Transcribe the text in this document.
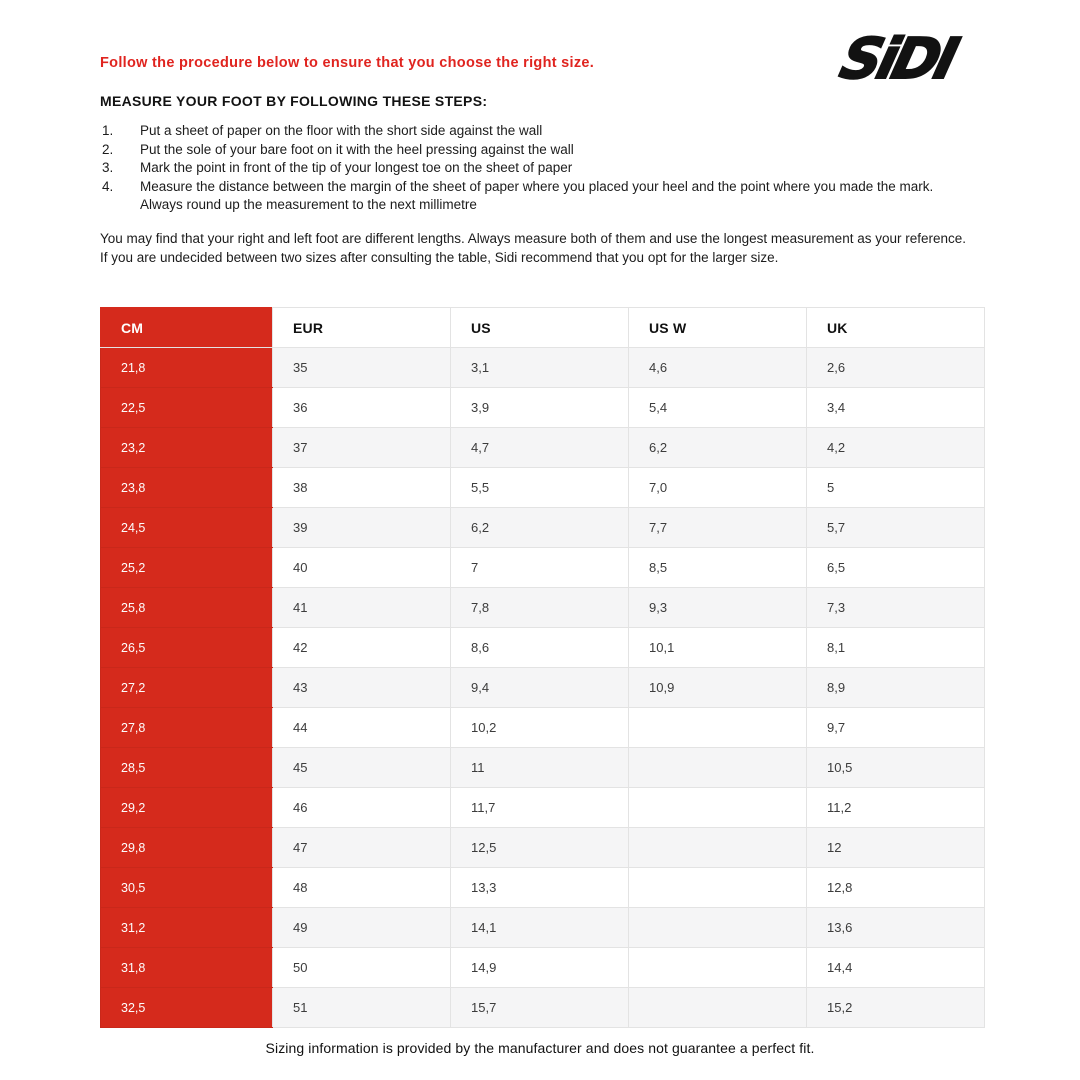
Follow the procedure below to ensure that you choose the right size.	SiDI
MEASURE YOUR FOOT BY FOLLOWING THESE STEPS:
Put a sheet of paper on the floor with the short side against the wall
Put the sole of your bare foot on it with the heel pressing against the wall
Mark the point in front of the tip of your longest toe on the sheet of paper
Measure the distance between the margin of the sheet of paper where you placed your heel and the point where you made the mark. Always round up the measurement to the next millimetre

You may find that your right and left foot are different lengths. Always measure both of them and use the longest measurement as your reference.

If you are undecided between two sizes after consulting the table, Sidi recommend that you opt for the larger size.

CM	EUR	US	US W	UK
21,8	35	3,1	4,6	2,6
22,5	36	3,9	5,4	3,4
23,2	37	4,7	6,2	4,2
23,8	38	5,5	7,0	5
24,5	39	6,2	7,7	5,7
25,2	40	7	8,5	6,5
25,8	41	7,8	9,3	7,3
26,5	42	8,6	10,1	8,1
27,2	43	9,4	10,9	8,9
27,8	44	10,2		9,7
28,5	45	11		10,5
29,2	46	11,7		11,2
29,8	47	12,5		12
30,5	48	13,3		12,8
31,2	49	14,1		13,6
31,8	50	14,9		14,4
32,5	51	15,7		15,2

Sizing information is provided by the manufacturer and does not guarantee a perfect fit.
